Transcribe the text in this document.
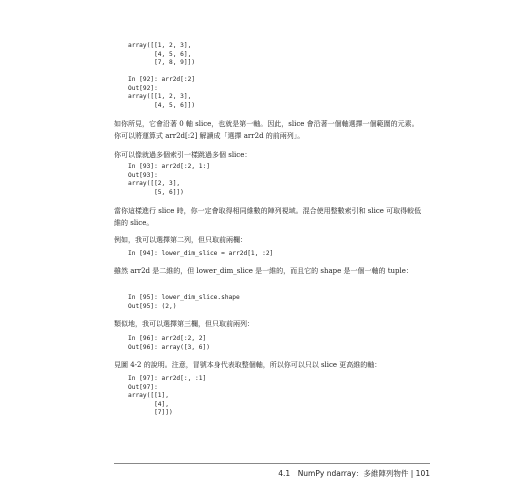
array([[1, 2, 3],
[4, 5, 6],
[7, 8, 9]])
In [92]: arr2d[:2]
Out[92]:
array([[1, 2, 3],
[4, 5, 6]])

如你所見，它會沿著 0 軸 slice，也就是第一軸。因此，slice 會沿著一個軸選擇一個範圍的元素。你可以將運算式 arr2d[:2] 解讀成「選擇 arr2d 的前兩列」。

你可以像就過多個索引一樣跳過多個 slice：

In [93]: arr2d[:2, 1:]
Out[93]:
array([[2, 3],
[5, 6]])

當你這樣進行 slice 時，你一定會取得相同維數的陣列視域。混合使用整數索引和 slice 可取得較低維的 slice。

例如，我可以選擇第二列，但只取前兩欄：

In [94]: lower_dim_slice = arr2d[1, :2]

雖然 arr2d 是二維的，但 lower_dim_slice 是一維的，而且它的 shape 是一個一軸的 tuple：

In [95]: lower_dim_slice.shape
Out[95]: (2,)

類似地，我可以選擇第三欄，但只取前兩列：

In [96]: arr2d[:2, 2]
Out[96]: array([3, 6])

見圖 4-2 的說明。注意，冒號本身代表取整個軸，所以你可以只以 slice 更高維的軸：

In [97]: arr2d[:, :1]
Out[97]:
array([[1],
[4],
[7]])

4.1　NumPy ndarray：多維陣列物件 | 101
